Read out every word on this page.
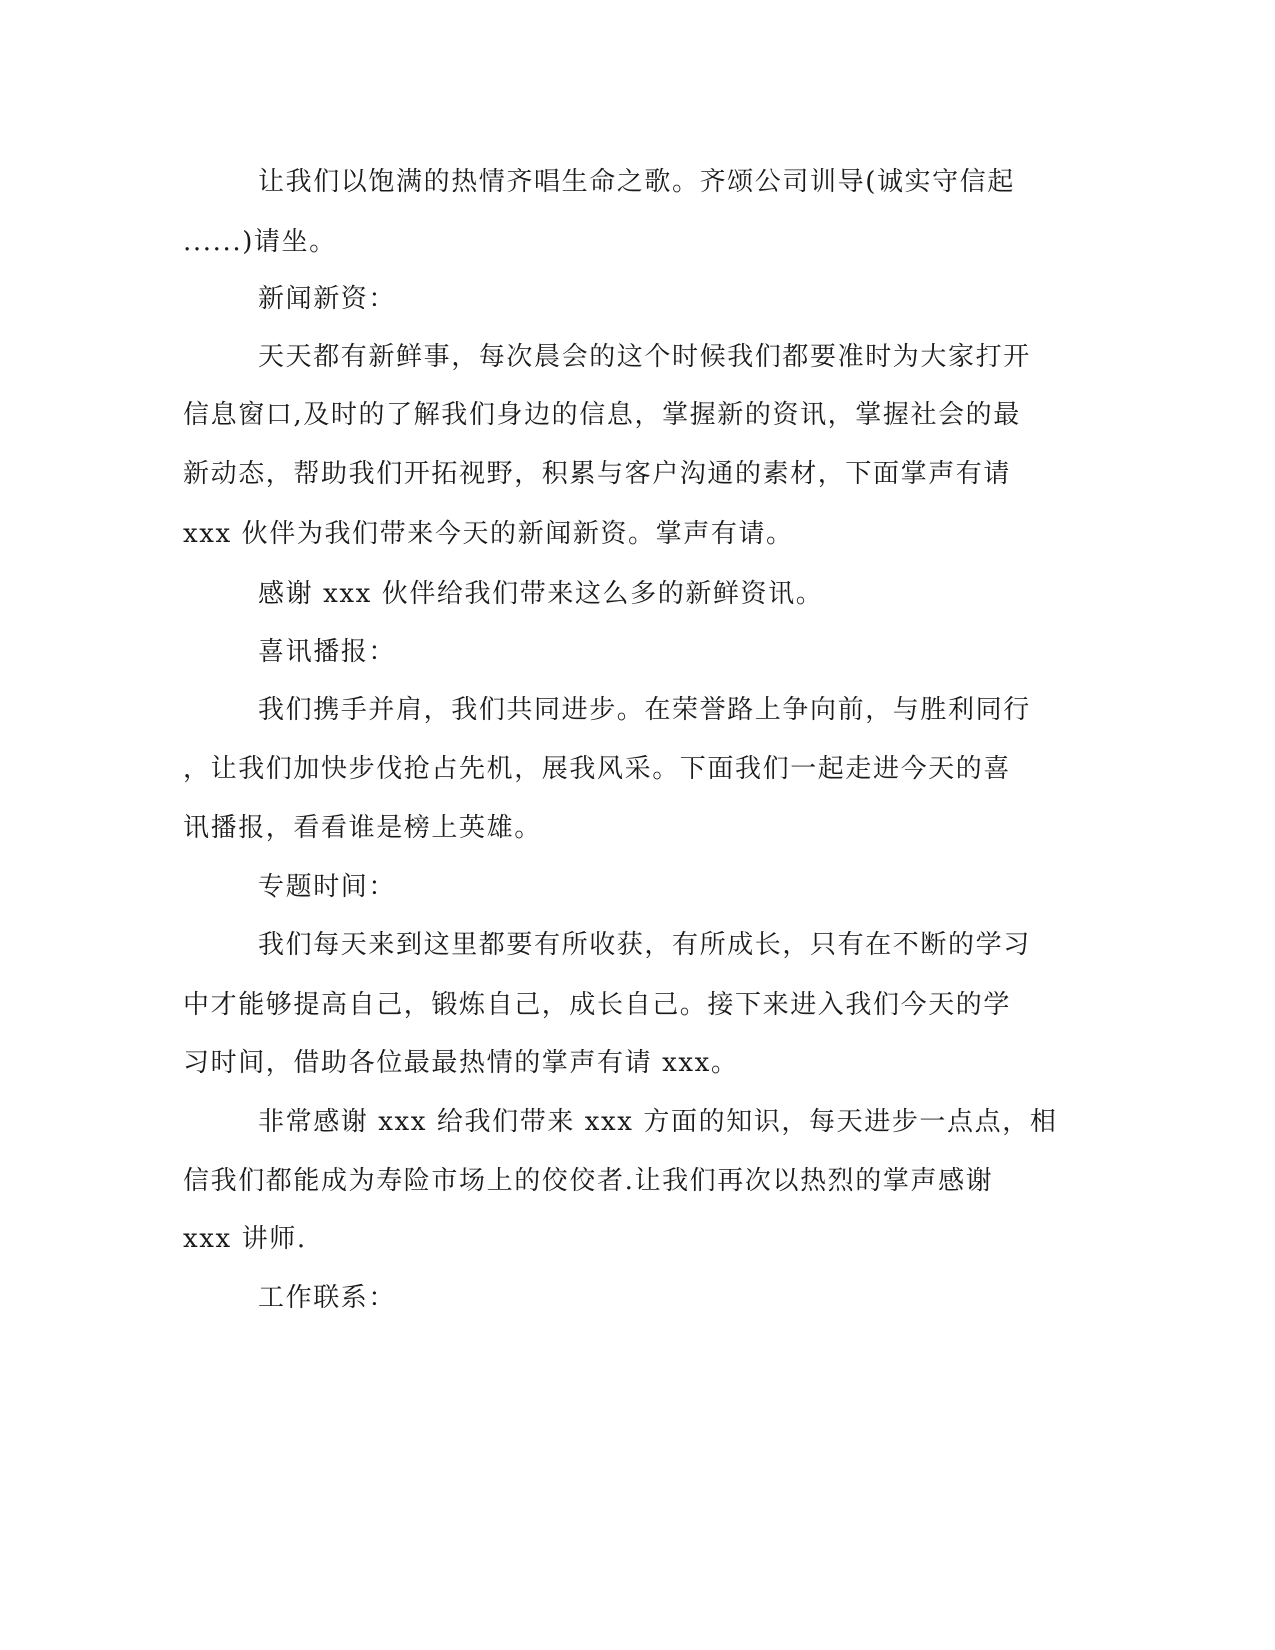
让我们以饱满的热情齐唱生命之歌。齐颂公司训导(诚实守信起
......)请坐。
新闻新资：
天天都有新鲜事，每次晨会的这个时候我们都要准时为大家打开
信息窗口,及时的了解我们身边的信息，掌握新的资讯，掌握社会的最
新动态，帮助我们开拓视野，积累与客户沟通的素材，下面掌声有请
xxx 伙伴为我们带来今天的新闻新资。掌声有请。
感谢 xxx 伙伴给我们带来这么多的新鲜资讯。
喜讯播报：
我们携手并肩，我们共同进步。在荣誉路上争向前，与胜利同行
，让我们加快步伐抢占先机，展我风采。下面我们一起走进今天的喜
讯播报，看看谁是榜上英雄。
专题时间：
我们每天来到这里都要有所收获，有所成长，只有在不断的学习
中才能够提高自己，锻炼自己，成长自己。接下来进入我们今天的学
习时间，借助各位最最热情的掌声有请 xxx。
非常感谢 xxx 给我们带来 xxx 方面的知识，每天进步一点点，相
信我们都能成为寿险市场上的佼佼者.让我们再次以热烈的掌声感谢
xxx 讲师.
工作联系：
